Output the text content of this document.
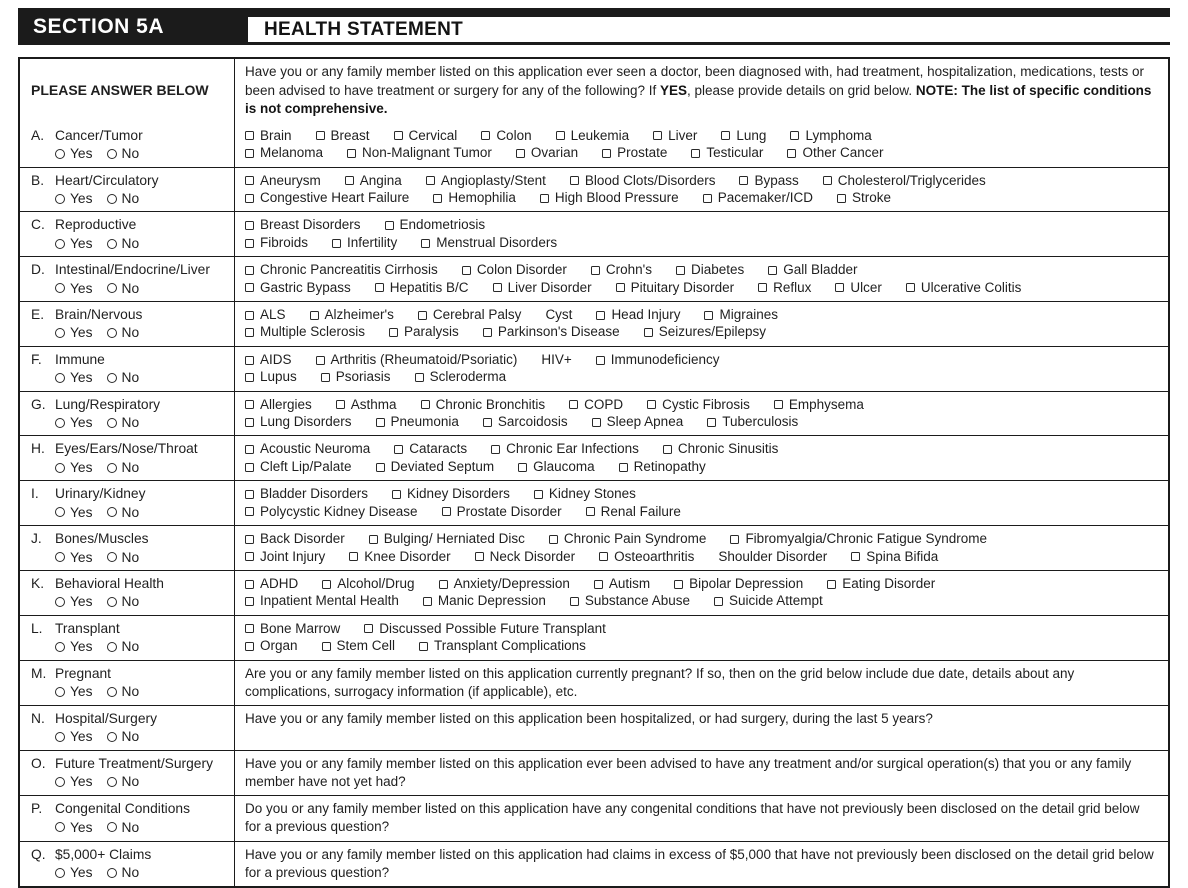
SECTION 5A	HEALTH STATEMENT
PLEASE ANSWER BELOW
Have you or any family member listed on this application ever seen a doctor, been diagnosed with, had treatment, hospitalization, medications, tests or been advised to have treatment or surgery for any of the following? If YES, please provide details on grid below. NOTE: The list of specific conditions is not comprehensive.
A. Cancer/Tumor
Yes No
Brain	Breast	Cervical	Colon	Leukemia	Liver	Lung	Lymphoma
Melanoma	Non-Malignant Tumor	Ovarian	Prostate	Testicular	Other Cancer
B. Heart/Circulatory
Yes No
Aneurysm	Angina	Angioplasty/Stent	Blood Clots/Disorders	Bypass	Cholesterol/Triglycerides
Congestive Heart Failure	Hemophilia	High Blood Pressure	Pacemaker/ICD	Stroke
C. Reproductive
Yes No
Breast Disorders	Endometriosis
Fibroids	Infertility	Menstrual Disorders
D. Intestinal/Endocrine/Liver
Yes No
Chronic Pancreatitis Cirrhosis	Colon Disorder	Crohn's	Diabetes	Gall Bladder
Gastric Bypass	Hepatitis B/C	Liver Disorder	Pituitary Disorder	Reflux	Ulcer	Ulcerative Colitis
E. Brain/Nervous
Yes No
ALS	Alzheimer's	Cerebral Palsy Cyst	Head Injury	Migraines
Multiple Sclerosis	Paralysis	Parkinson's Disease	Seizures/Epilepsy
F. Immune
Yes No
AIDS	Arthritis (Rheumatoid/Psoriatic) HIV+	Immunodeficiency
Lupus	Psoriasis	Scleroderma
G. Lung/Respiratory
Yes No
Allergies	Asthma	Chronic Bronchitis	COPD	Cystic Fibrosis	Emphysema
Lung Disorders	Pneumonia	Sarcoidosis	Sleep Apnea	Tuberculosis
H. Eyes/Ears/Nose/Throat
Yes No
Acoustic Neuroma	Cataracts	Chronic Ear Infections	Chronic Sinusitis
Cleft Lip/Palate	Deviated Septum	Glaucoma	Retinopathy
I. Urinary/Kidney
Yes No
Bladder Disorders	Kidney Disorders	Kidney Stones
Polycystic Kidney Disease	Prostate Disorder	Renal Failure
J. Bones/Muscles
Yes No
Back Disorder	Bulging/ Herniated Disc	Chronic Pain Syndrome	Fibromyalgia/Chronic Fatigue Syndrome
Joint Injury	Knee Disorder	Neck Disorder	Osteoarthritis Shoulder Disorder	Spina Bifida
K. Behavioral Health
Yes No
ADHD	Alcohol/Drug	Anxiety/Depression	Autism	Bipolar Depression	Eating Disorder
Inpatient Mental Health	Manic Depression	Substance Abuse	Suicide Attempt
L. Transplant
Yes No
Bone Marrow	Discussed Possible Future Transplant
Organ	Stem Cell	Transplant Complications
M. Pregnant
Yes No
Are you or any family member listed on this application currently pregnant? If so, then on the grid below include due date, details about any complications, surrogacy information (if applicable), etc.
N. Hospital/Surgery
Yes No
Have you or any family member listed on this application been hospitalized, or had surgery, during the last 5 years?
O. Future Treatment/Surgery
Yes No
Have you or any family member listed on this application ever been advised to have any treatment and/or surgical operation(s) that you or any family member have not yet had?
P. Congenital Conditions
Yes No
Do you or any family member listed on this application have any congenital conditions that have not previously been disclosed on the detail grid below for a previous question?
Q. $5,000+ Claims
Yes No
Have you or any family member listed on this application had claims in excess of $5,000 that have not previously been disclosed on the detail grid below for a previous question?
